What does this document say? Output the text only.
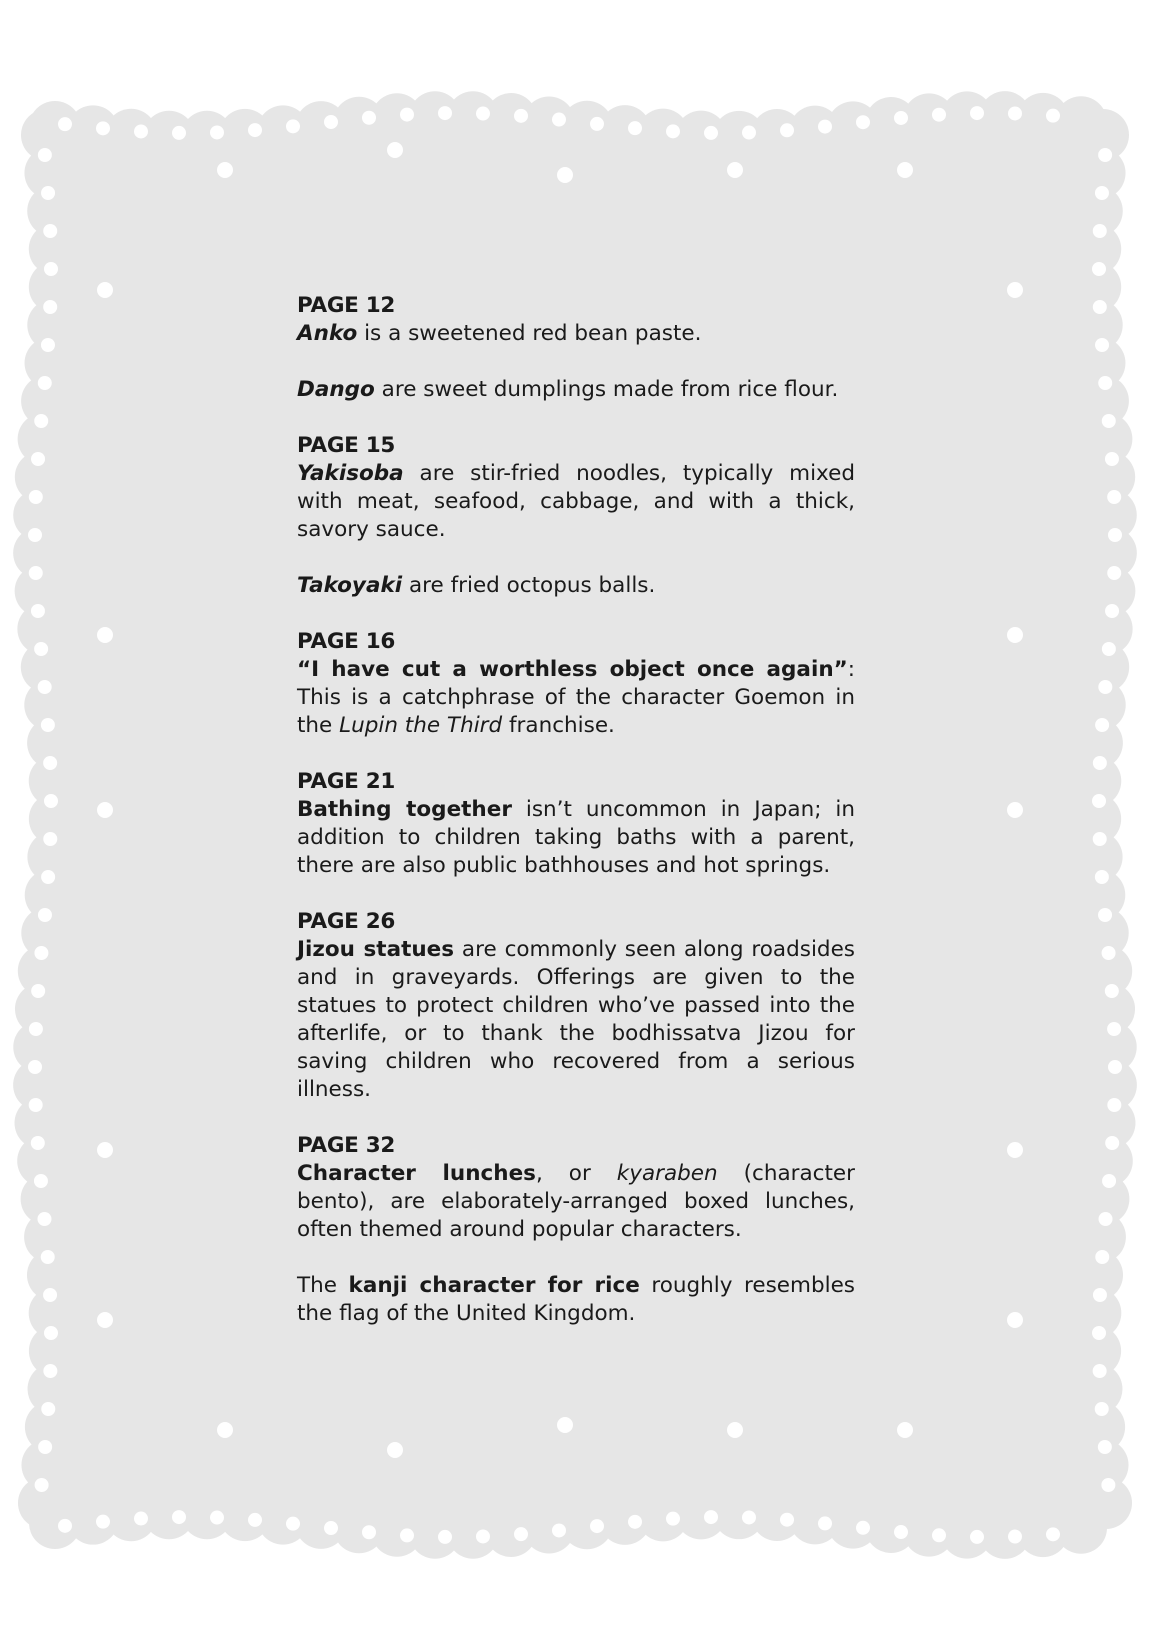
PAGE 12
Anko is a sweetened red bean paste.
Dango are sweet dumplings made from rice flour.
PAGE 15
Yakisoba are stir-fried noodles, typically mixed with meat, seafood, cabbage, and with a thick, savory sauce.
Takoyaki are fried octopus balls.
PAGE 16
“I have cut a worthless object once again”: This is a catchphrase of the character Goemon in the Lupin the Third franchise.
PAGE 21
Bathing together isn’t uncommon in Japan; in addition to children taking baths with a parent, there are also public bathhouses and hot springs.
PAGE 26
Jizou statues are commonly seen along roadsides and in graveyards. Offerings are given to the statues to protect children who’ve passed into the afterlife, or to thank the bodhissatva Jizou for saving children who recovered from a serious illness.
PAGE 32
Character lunches, or kyaraben (character bento), are elaborately-arranged boxed lunches, often themed around popular characters.
The kanji character for rice roughly resembles the flag of the United Kingdom.
